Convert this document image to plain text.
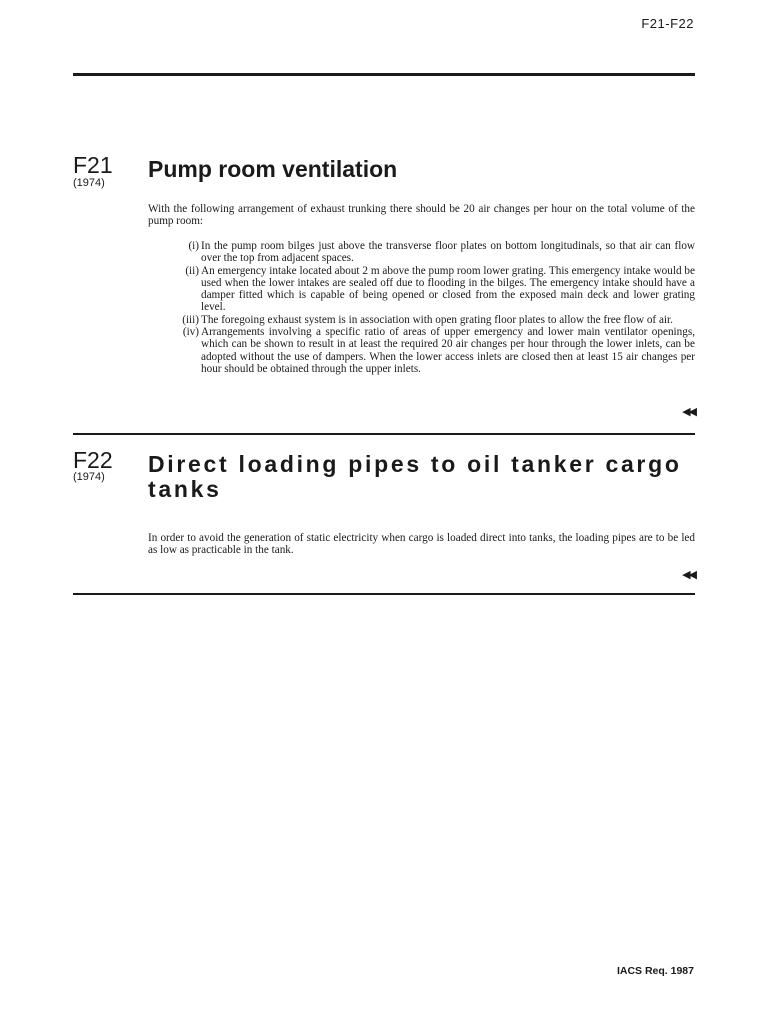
F21-F22
F21
(1974)
Pump room ventilation
With the following arrangement of exhaust trunking there should be 20 air changes per hour on the total volume of the pump room:
(i) In the pump room bilges just above the transverse floor plates on bottom longitudinals, so that air can flow over the top from adjacent spaces.
(ii) An emergency intake located about 2 m above the pump room lower grating. This emergency intake would be used when the lower intakes are sealed off due to flooding in the bilges. The emergency intake should have a damper fitted which is capable of being opened or closed from the exposed main deck and lower grating level.
(iii) The foregoing exhaust system is in association with open grating floor plates to allow the free flow of air.
(iv) Arrangements involving a specific ratio of areas of upper emergency and lower main ventilator openings, which can be shown to result in at least the required 20 air changes per hour through the lower inlets, can be adopted without the use of dampers. When the lower access inlets are closed then at least 15 air changes per hour should be obtained through the upper inlets.
◀◀
F22
(1974) Direct loading pipes to oil tanker cargo
tanks
In order to avoid the generation of static electricity when cargo is loaded direct into tanks, the loading pipes are to be led as low as practicable in the tank.
◀◀
IACS Req. 1987
